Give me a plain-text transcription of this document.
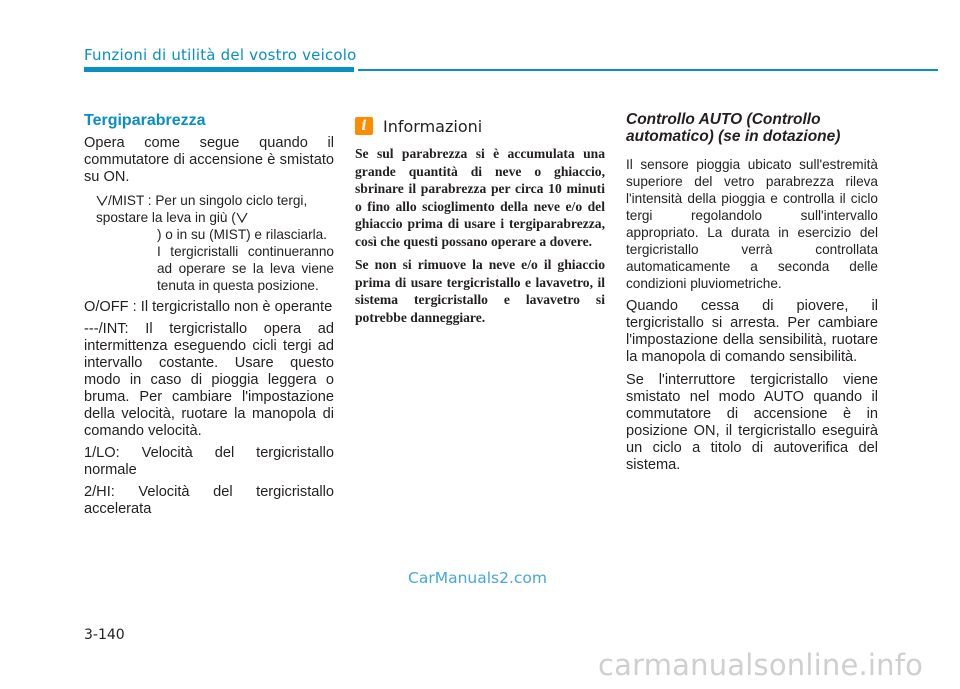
Funzioni di utilità del vostro veicolo
Tergiparabrezza

Opera come segue quando il commutatore di accensione è smistato su ON.

/MIST : Per un singolo ciclo tergi, spostare la leva in giù (
) o in su (MIST) e rilasciarla.
I tergicristalli continueranno ad operare se la leva viene tenuta in questa posizione.

O/OFF : Il tergicristallo non è operante

---/INT: Il tergicristallo opera ad intermittenza eseguendo cicli tergi ad intervallo costante. Usare questo modo in caso di pioggia leggera o bruma. Per cambiare l'impostazione della velocità, ruotare la manopola di comando velocità.

1/LO: Velocità del tergicristallo normale

2/HI: Velocità del tergicristallo accelerata

i	Informazioni

Se sul parabrezza si è accumulata una grande quantità di neve o ghiaccio, sbrinare il parabrezza per circa 10 minuti o fino allo scioglimento della neve e/o del ghiaccio prima di usare i tergiparabrezza, così che questi possano operare a dovere.

Se non si rimuove la neve e/o il ghiaccio prima di usare tergicristallo e lavavetro, il sistema tergicristallo e lavavetro si potrebbe danneggiare.

Controllo AUTO (Controllo automatico) (se in dotazione)

Il sensore pioggia ubicato sull'estremità superiore del vetro parabrezza rileva l'intensità della pioggia e controlla il ciclo tergi regolandolo sull'intervallo appropriato. La durata in esercizio del tergicristallo verrà controllata automaticamente a seconda delle condizioni pluviometriche.

Quando cessa di piovere, il tergicristallo si arresta. Per cambiare l'impostazione della sensibilità, ruotare la manopola di comando sensibilità.

Se l'interruttore tergicristallo viene smistato nel modo AUTO quando il commutatore di accensione è in posizione ON, il tergicristallo eseguirà un ciclo a titolo di autoverifica del sistema.

CarManuals2.com
3-140
carmanualsonline.info
